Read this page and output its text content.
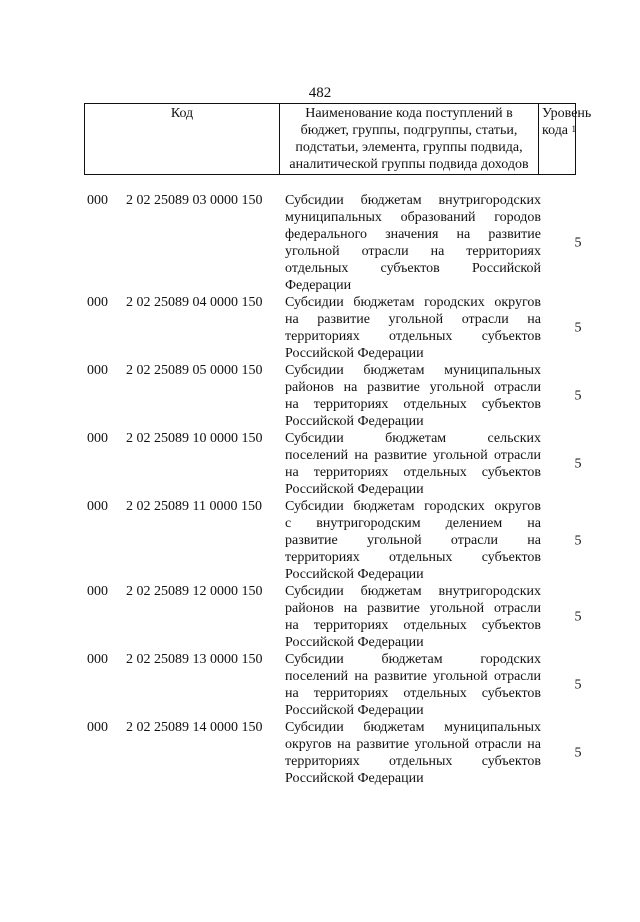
482
Код	Наименование кода поступлений в
бюджет, группы, подгруппы, статьи,
подстатьи, элемента, группы подвида,
аналитической группы подвида доходов

Уровень
кода $^1$
000	2 02 25089 03 0000 150	Субсидии бюджетам внутригородских
муниципальных образований городов
федерального значения на развитие
угольной отрасли на территориях
отдельных субъектов Российской
Федерации
5
000	2 02 25089 04 0000 150	Субсидии бюджетам городских округов
на развитие угольной отрасли на
территориях отдельных субъектов
Российской Федерации
5
000	2 02 25089 05 0000 150	Субсидии бюджетам муниципальных
районов на развитие угольной отрасли
на территориях отдельных субъектов
Российской Федерации
5
000	2 02 25089 10 0000 150	Субсидии бюджетам сельских
поселений на развитие угольной отрасли
на территориях отдельных субъектов
Российской Федерации
5
000	2 02 25089 11 0000 150	Субсидии бюджетам городских округов
с внутригородским делением на
развитие угольной отрасли на
территориях отдельных субъектов
Российской Федерации
5
000	2 02 25089 12 0000 150	Субсидии бюджетам внутригородских
районов на развитие угольной отрасли
на территориях отдельных субъектов
Российской Федерации
5
000	2 02 25089 13 0000 150	Субсидии бюджетам городских
поселений на развитие угольной отрасли
на территориях отдельных субъектов
Российской Федерации
5
000	2 02 25089 14 0000 150	Субсидии бюджетам муниципальных
округов на развитие угольной отрасли на
территориях отдельных субъектов
Российской Федерации
5
